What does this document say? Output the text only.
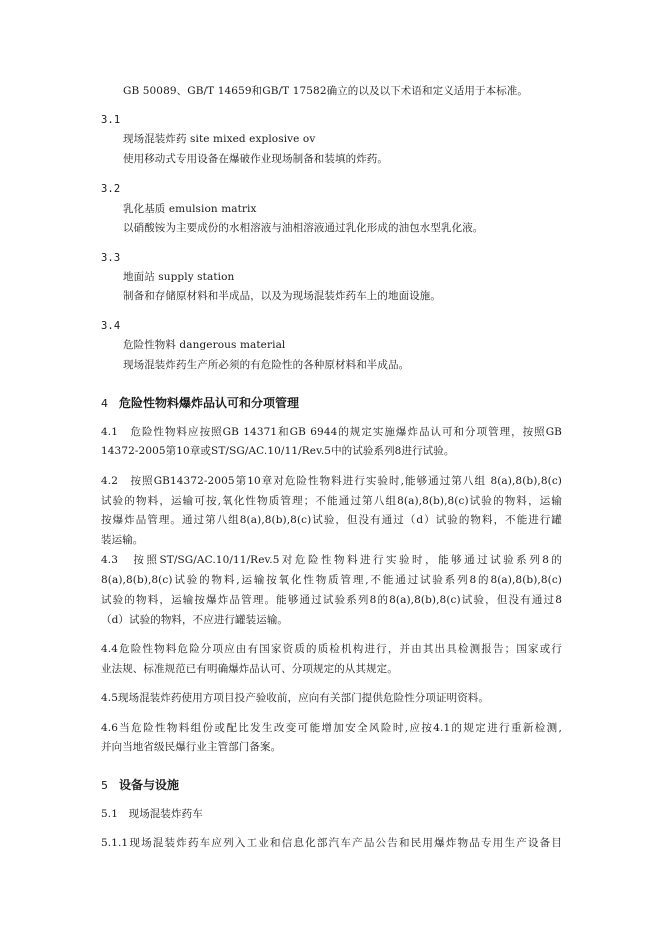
GB 50089、GB/T 14659和GB/T 17582确立的以及以下术语和定义适用于本标准。
3.1
现场混装炸药 site mixed explosive ov
使用移动式专用设备在爆破作业现场制备和装填的炸药。
3.2
乳化基质 emulsion matrix
以硝酸铵为主要成份的水相溶液与油相溶液通过乳化形成的油包水型乳化液。
3.3
地面站 supply station
制备和存储原材料和半成品，以及为现场混装炸药车上的地面设施。
3.4
危险性物料 dangerous material
现场混装炸药生产所必须的有危险性的各种原材料和半成品。
4 危险性物料爆炸品认可和分项管理
4.1　危险性物料应按照GB 14371和GB 6944的规定实施爆炸品认可和分项管理，按照GB
14372-2005第10章或ST/SG/AC.10/11/Rev.5中的试验系列8进行试验。
4.2　按照GB14372-2005第10章对危险性物料进行实验时,能够通过第八组 8(a),8(b),8(c)
试验的物料，运输可按,氧化性物质管理；不能通过第八组8(a),8(b),8(c)试验的物料，运输
按爆炸品管理。通过第八组8(a),8(b),8(c)试验，但没有通过（d）试验的物料，不能进行罐
装运输。
4.3　按照ST/SG/AC.10/11/Rev.5对危险性物料进行实验时，能够通过试验系列8的
8(a),8(b),8(c)试验的物料,运输按氧化性物质管理,不能通过试验系列8的8(a),8(b),8(c)
试验的物料，运输按爆炸品管理。能够通过试验系列8的8(a),8(b),8(c)试验，但没有通过8
（d）试验的物料，不应进行罐装运输。
4.4危险性物料危险分项应由有国家资质的质检机构进行，并由其出具检测报告；国家或行
业法规、标准规范已有明确爆炸品认可、分项规定的从其规定。
4.5现场混装炸药使用方项目投产验收前，应向有关部门提供危险性分项证明资料。
4.6当危险性物料组份或配比发生改变可能增加安全风险时,应按4.1的规定进行重新检测,
并向当地省级民爆行业主管部门备案。
5 设备与设施
5.1　现场混装炸药车
5.1.1现场混装炸药车应列入工业和信息化部汽车产品公告和民用爆炸物品专用生产设备目
